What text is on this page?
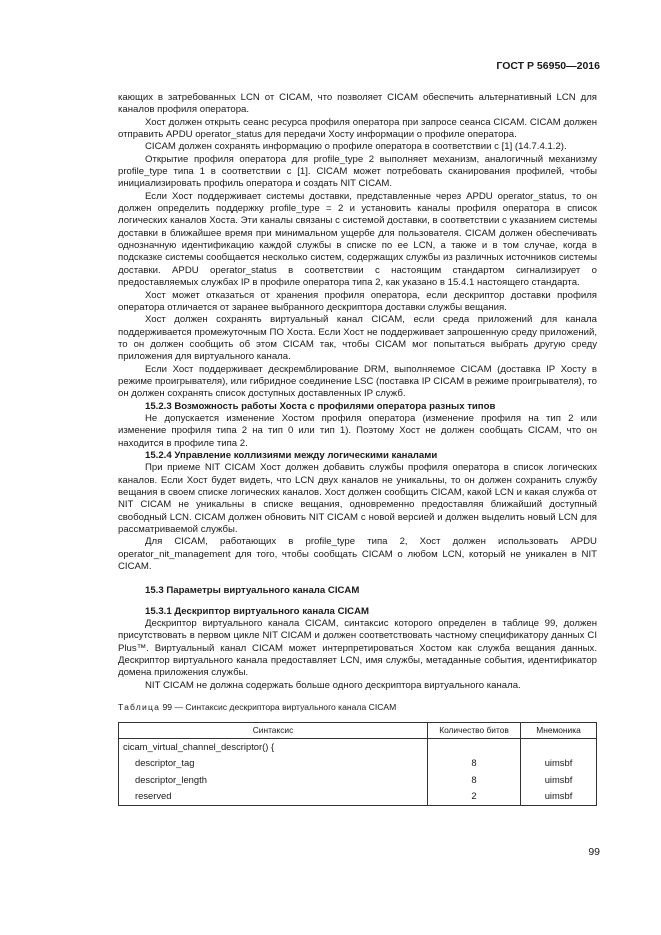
ГОСТ Р 56950—2016

кающих в затребованных LCN от CICAM, что позволяет CICAM обеспечить альтернативный LCN для каналов профиля оператора.

Хост должен открыть сеанс ресурса профиля оператора при запросе сеанса CICAM. CICAM должен отправить APDU operator_status для передачи Хосту информации о профиле оператора.

CICAM должен сохранять информацию о профиле оператора в соответствии с [1] (14.7.4.1.2).

Открытие профиля оператора для profile_type 2 выполняет механизм, аналогичный механизму profile_type типа 1 в соответствии с [1]. CICAM может потребовать сканирования профилей, чтобы инициализировать профиль оператора и создать NIT CICAM.

Если Хост поддерживает системы доставки, представленные через APDU operator_status, то он должен определить поддержку profile_type = 2 и установить каналы профиля оператора в список логических каналов Хоста. Эти каналы связаны с системой доставки, в соответствии с указанием системы доставки в ближайшее время при минимальном ущербе для пользователя. CICAM должен обеспечивать однозначную идентификацию каждой службы в списке по ее LCN, а также и в том случае, когда в подсказке системы сообщается несколько систем, содержащих службы из различных источников системы доставки. APDU operator_status в соответствии с настоящим стандартом сигнализирует о предоставляемых службах IP в профиле оператора типа 2, как указано в 15.4.1 настоящего стандарта.

Хост может отказаться от хранения профиля оператора, если дескриптор доставки профиля оператора отличается от заранее выбранного дескриптора доставки службы вещания.

Хост должен сохранять виртуальный канал CICAM, если среда приложений для канала поддерживается промежуточным ПО Хоста. Если Хост не поддерживает запрошенную среду приложений, то он должен сообщить об этом CICAM так, чтобы CICAM мог попытаться выбрать другую среду приложения для виртуального канала.

Если Хост поддерживает дескремблирование DRM, выполняемое CICAM (доставка IP Хосту в режиме проигрывателя), или гибридное соединение LSC (поставка IP CICAM в режиме проигрывателя), то он должен сохранять список доступных доставленных IP служб.

15.2.3 Возможность работы Хоста с профилями оператора разных типов

Не допускается изменение Хостом профиля оператора (изменение профиля на тип 2 или изменение профиля типа 2 на тип 0 или тип 1). Поэтому Хост не должен сообщать CICAM, что он находится в профиле типа 2.

15.2.4 Управление коллизиями между логическими каналами

При приеме NIT CICAM Хост должен добавить службы профиля оператора в список логических каналов. Если Хост будет видеть, что LCN двух каналов не уникальны, то он должен сохранить службу вещания в своем списке логических каналов. Хост должен сообщить CICAM, какой LCN и какая служба от NIT CICAM не уникальны в списке вещания, одновременно предоставляя ближайший доступный свободный LCN. CICAM должен обновить NIT CICAM с новой версией и должен выделить новый LCN для рассматриваемой службы.

Для CICAM, работающих в profile_type типа 2, Хост должен использовать APDU operator_nit_management для того, чтобы сообщать CICAM о любом LCN, который не уникален в NIT CICAM.

15.3 Параметры виртуального канала CICAM

15.3.1 Дескриптор виртуального канала CICAM

Дескриптор виртуального канала CICAM, синтаксис которого определен в таблице 99, должен присутствовать в первом цикле NIT CICAM и должен соответствовать частному спецификатору данных CI Plus™. Виртуальный канал CICAM может интерпретироваться Хостом как служба вещания данных. Дескриптор виртуального канала предоставляет LCN, имя службы, метаданные события, идентификатор домена приложения службы.

NIT CICAM не должна содержать больше одного дескриптора виртуального канала.

Таблица 99 — Синтаксис дескриптора виртуального канала CICAM
Синтаксис	Количество битов	Мнемоника
cicam_virtual_channel_descriptor() {		
descriptor_tag	8	uimsbf
descriptor_length	8	uimsbf
reserved	2	uimsbf
99
